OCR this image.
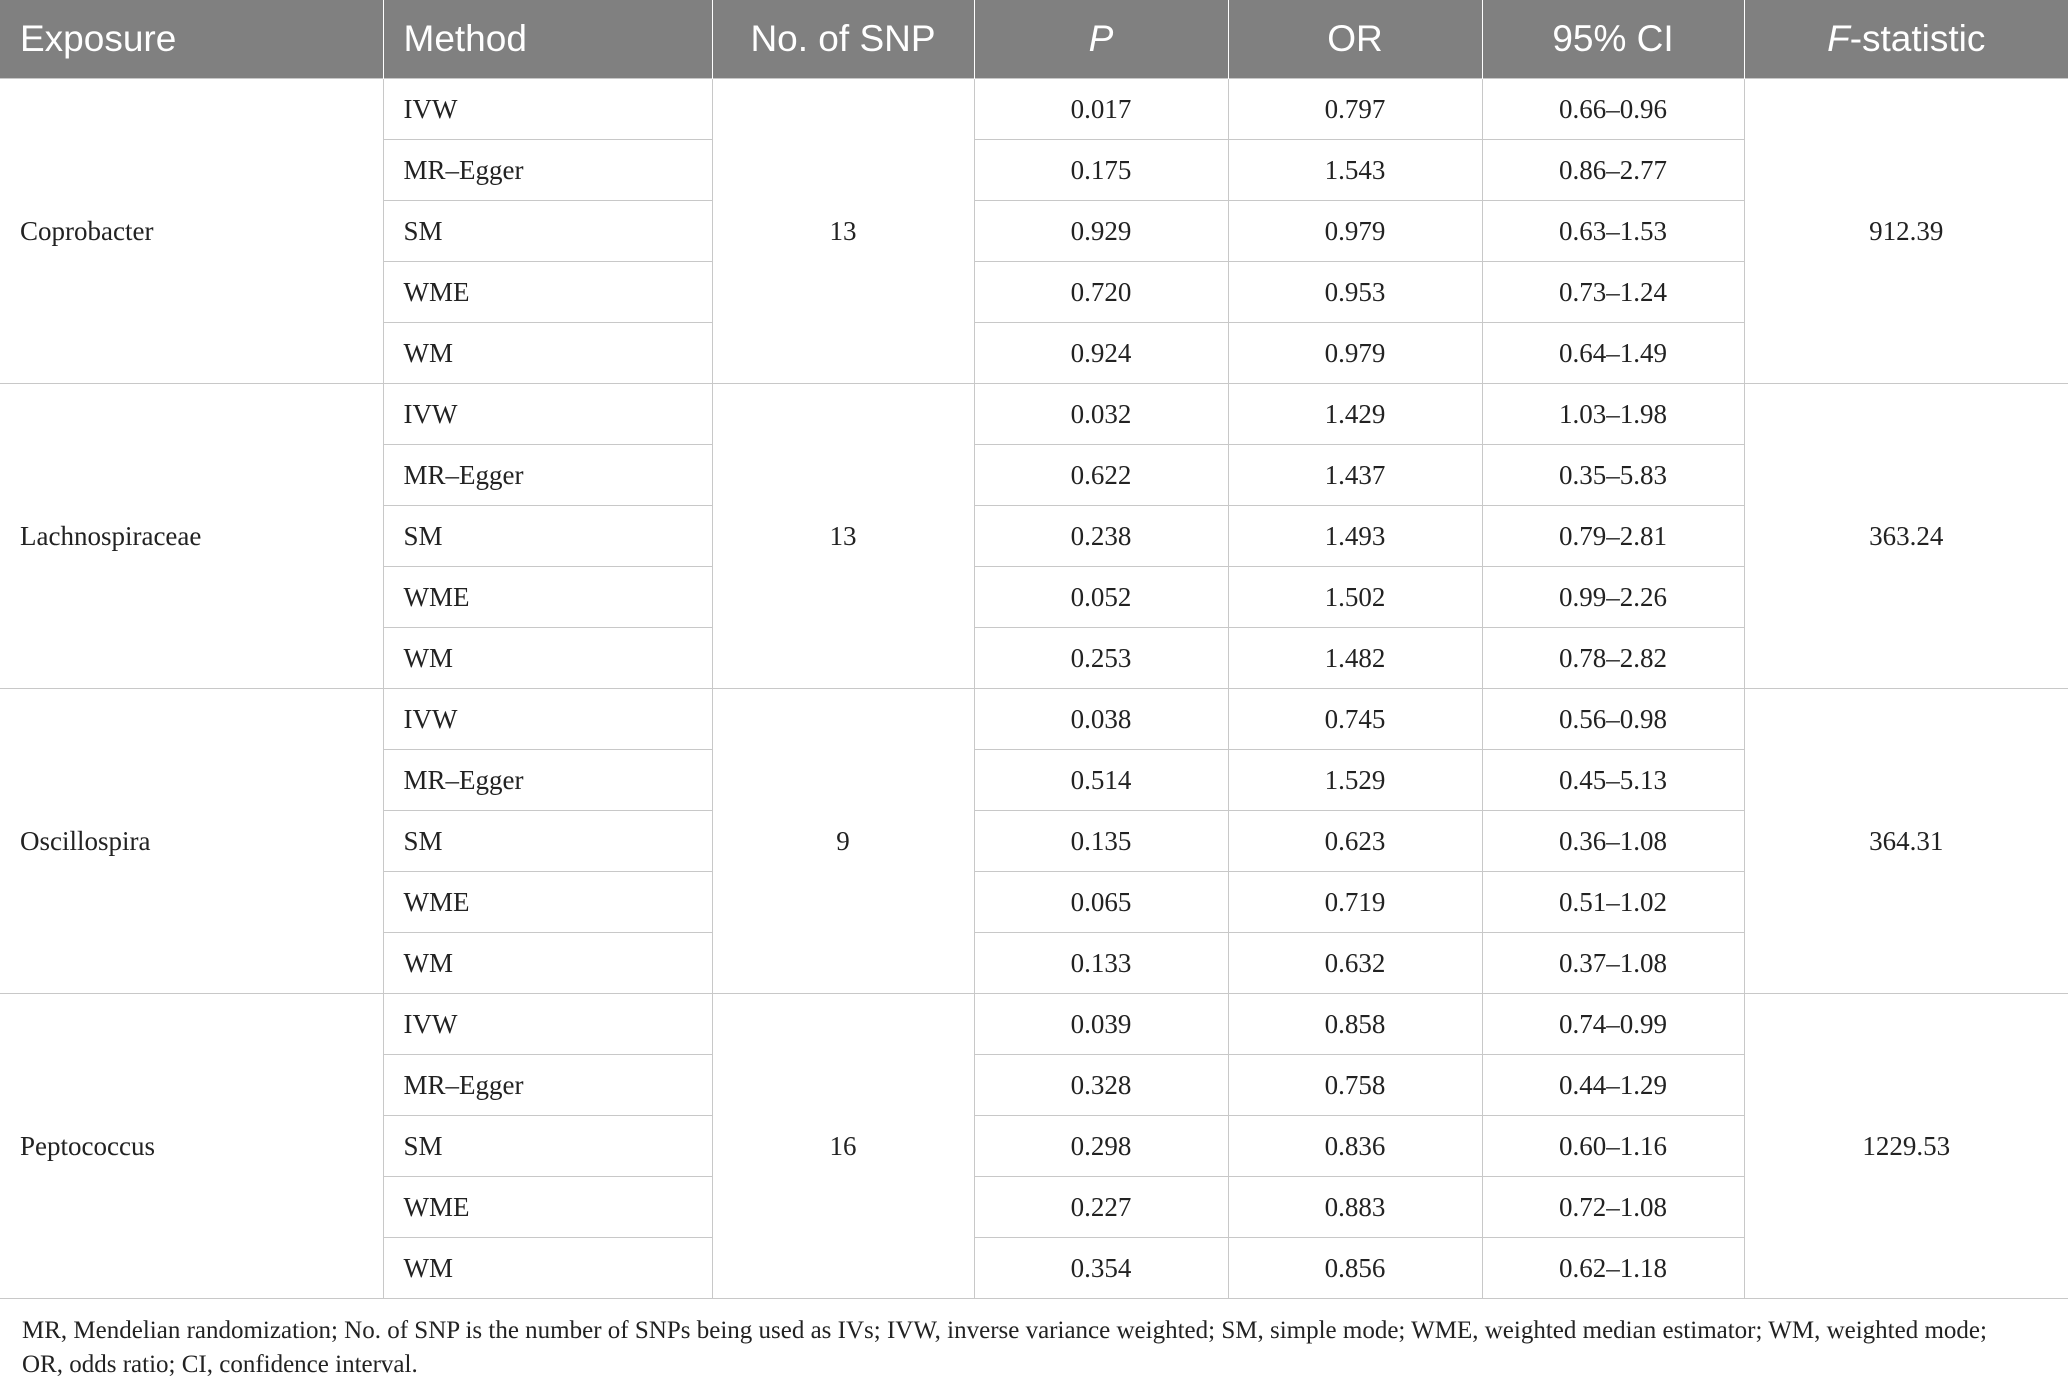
Exposure	Method	No. of SNP	P	OR	95% CI	F-statistic
Coprobacter	IVW	13	0.017	0.797	0.66–0.96	912.39
	MR–Egger		0.175	1.543	0.86–2.77	
	SM		0.929	0.979	0.63–1.53	
	WME		0.720	0.953	0.73–1.24	
	WM		0.924	0.979	0.64–1.49	
Lachnospiraceae	IVW	13	0.032	1.429	1.03–1.98	363.24
	MR–Egger		0.622	1.437	0.35–5.83	
	SM		0.238	1.493	0.79–2.81	
	WME		0.052	1.502	0.99–2.26	
	WM		0.253	1.482	0.78–2.82	
Oscillospira	IVW	9	0.038	0.745	0.56–0.98	364.31
	MR–Egger		0.514	1.529	0.45–5.13	
	SM		0.135	0.623	0.36–1.08	
	WME		0.065	0.719	0.51–1.02	
	WM		0.133	0.632	0.37–1.08	
Peptococcus	IVW	16	0.039	0.858	0.74–0.99	1229.53
	MR–Egger		0.328	0.758	0.44–1.29	
	SM		0.298	0.836	0.60–1.16	
	WME		0.227	0.883	0.72–1.08	
	WM		0.354	0.856	0.62–1.18	
MR, Mendelian randomization; No. of SNP is the number of SNPs being used as IVs; IVW, inverse variance weighted; SM, simple mode; WME, weighted median estimator; WM, weighted mode; OR, odds ratio; CI, confidence interval.
